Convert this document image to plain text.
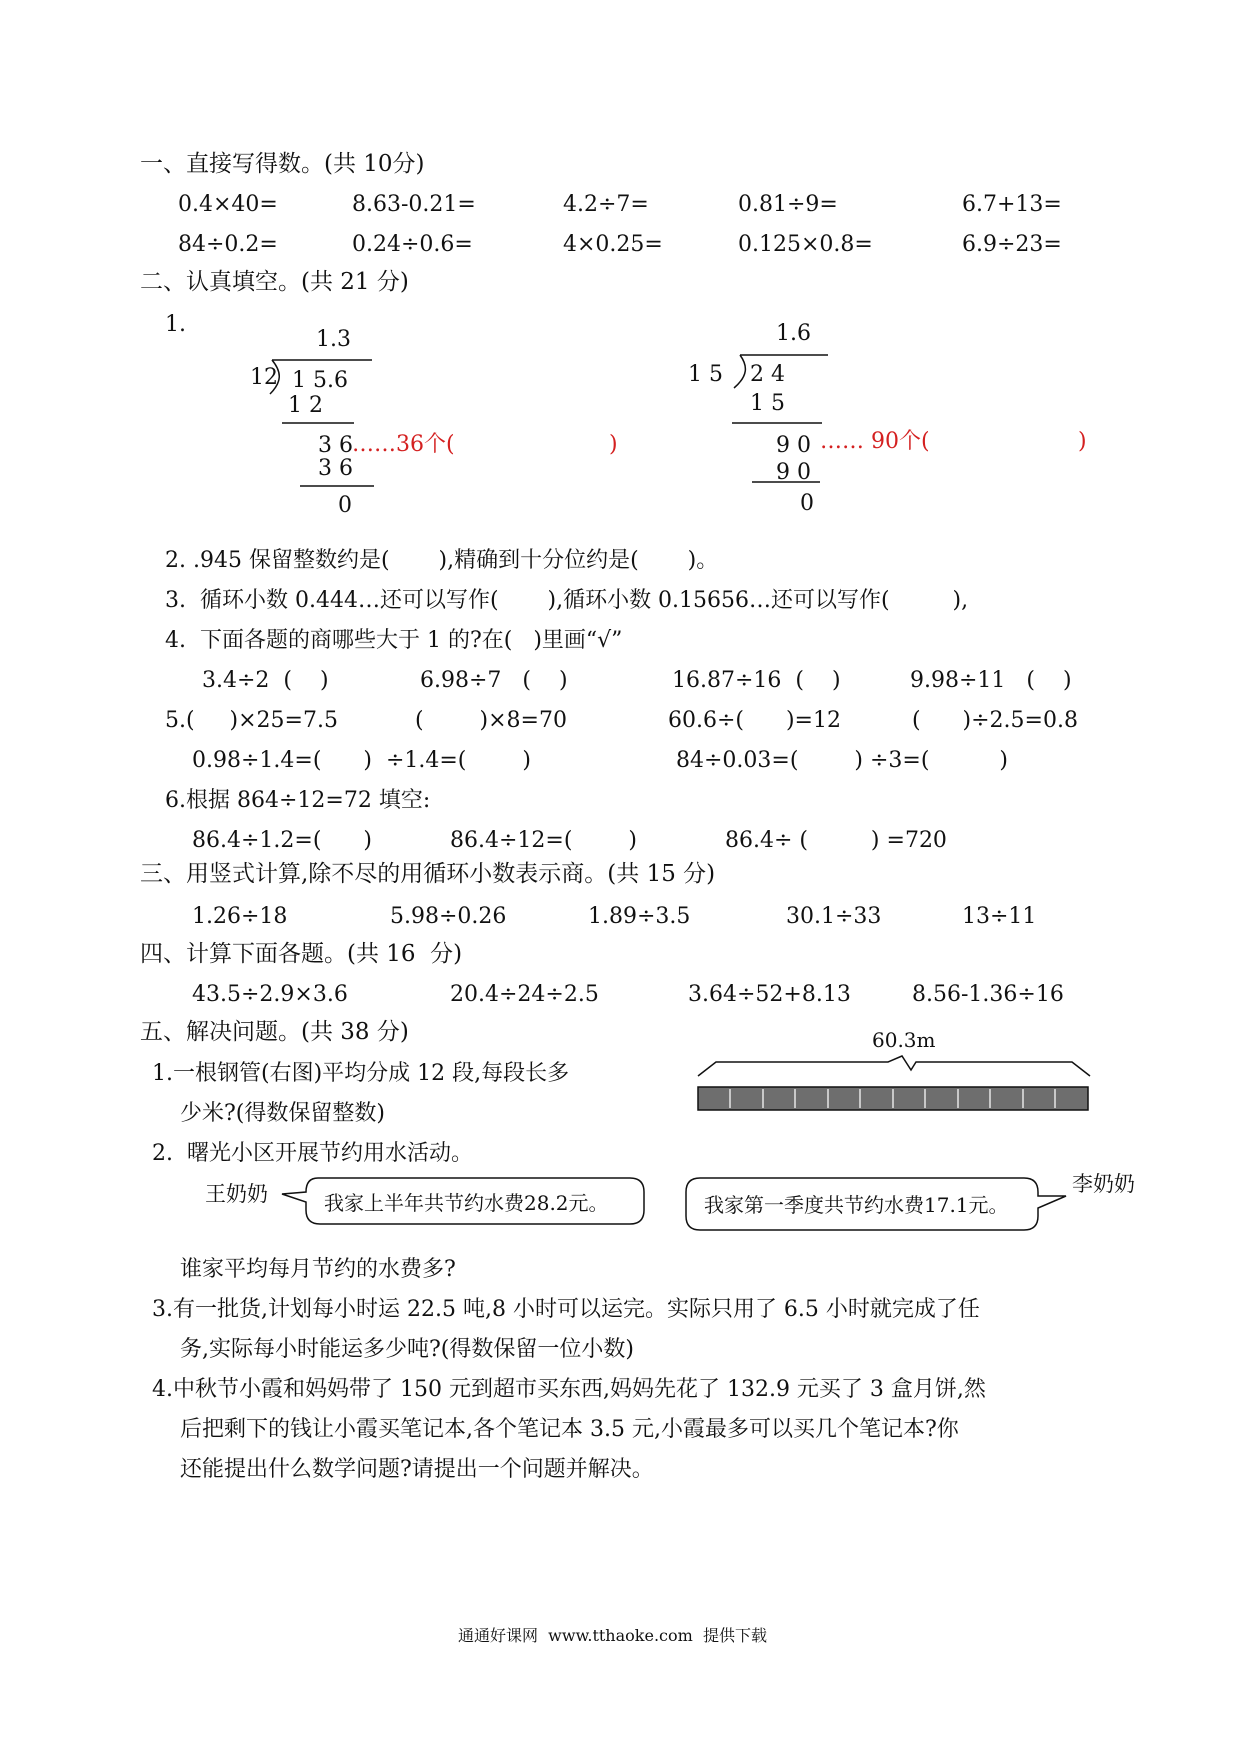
一、直接写得数。(共 10分)
0.4×40=	8.63-0.21=	4.2÷7=	0.81÷9=	6.7+13=
84÷0.2=	0.24÷0.6=	4×0.25=	0.125×0.8=	6.9÷23=
二、认真填空。(共 21 分)
1.
1.3
12 1 5.6
1 2
3 6 ……36个(	)
3 6
0
1.6
1 5 2 4
1 5
9 0 …… 90个(	)
9 0
0
2. .945 保留整数约是(       ),精确到十分位约是(       )。
3.  循环小数 0.444…还可以写作(       ),循环小数 0.15656…还可以写作(         ),
4.  下面各题的商哪些大于 1 的?在(   )里画“√”
3.4÷2  (    )	6.98÷7   (    )	16.87÷16  (    )	9.98÷11   (    )
5.(     )×25=7.5	(        )×8=70	60.6÷(      )=12	(      )÷2.5=0.8
0.98÷1.4=(      )  ÷1.4=(        )	84÷0.03=(        ) ÷3=(          )
6.根据 864÷12=72 填空:
86.4÷1.2=(      )	86.4÷12=(        )	86.4÷ (         ) =720
三、用竖式计算,除不尽的用循环小数表示商。(共 15 分)
1.26÷18	5.98÷0.26	1.89÷3.5	30.1÷33	13÷11
四、计算下面各题。(共 16  分)
43.5÷2.9×3.6	20.4÷24÷2.5	3.64÷52+8.13	8.56-1.36÷16
五、解决问题。(共 38 分)
1.一根钢管(右图)平均分成 12 段,每段长多
少米?(得数保留整数)
60.3m
2.  曙光小区开展节约用水活动。
王奶奶	我家上半年共节约水费28.2元。	我家第一季度共节约水费17.1元。
李奶奶
谁家平均每月节约的水费多?
3.有一批货,计划每小时运 22.5 吨,8 小时可以运完。实际只用了 6.5 小时就完成了任
务,实际每小时能运多少吨?(得数保留一位小数)
4.中秋节小霞和妈妈带了 150 元到超市买东西,妈妈先花了 132.9 元买了 3 盒月饼,然
后把剩下的钱让小霞买笔记本,各个笔记本 3.5 元,小霞最多可以买几个笔记本?你
还能提出什么数学问题?请提出一个问题并解决。
通通好课网  www.tthaoke.com  提供下载
